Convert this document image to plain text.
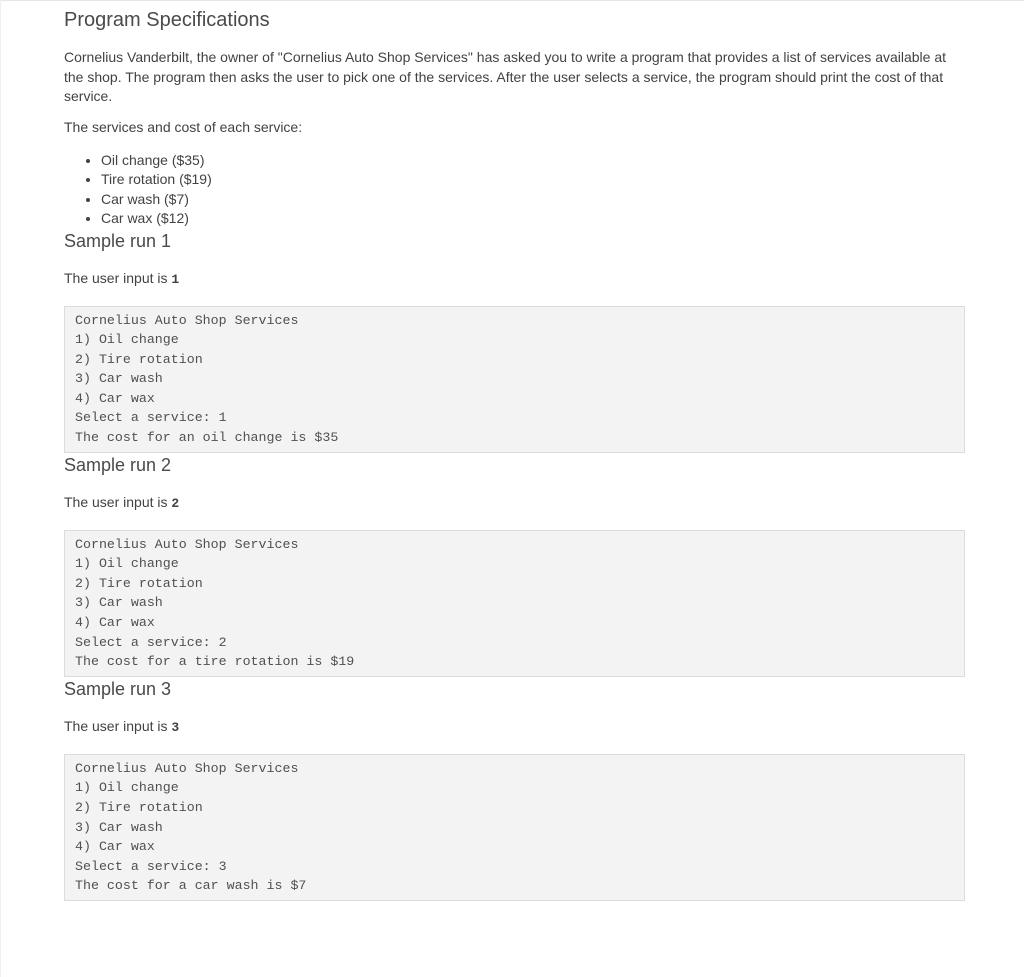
Program Specifications

Cornelius Vanderbilt, the owner of "Cornelius Auto Shop Services" has asked you to write a program that provides a list of services available at the shop. The program then asks the user to pick one of the services. After the user selects a service, the program should print the cost of that service.

The services and cost of each service:

• Oil change ($35)
• Tire rotation ($19)
• Car wash ($7)
• Car wax ($12)
Sample run 1

The user input is 1

Cornelius Auto Shop Services
1) Oil change
2) Tire rotation
3) Car wash
4) Car wax
Select a service: 1
The cost for an oil change is $35
Sample run 2

The user input is 2

Cornelius Auto Shop Services
1) Oil change
2) Tire rotation
3) Car wash
4) Car wax
Select a service: 2
The cost for a tire rotation is $19
Sample run 3

The user input is 3

Cornelius Auto Shop Services
1) Oil change
2) Tire rotation
3) Car wash
4) Car wax
Select a service: 3
The cost for a car wash is $7
